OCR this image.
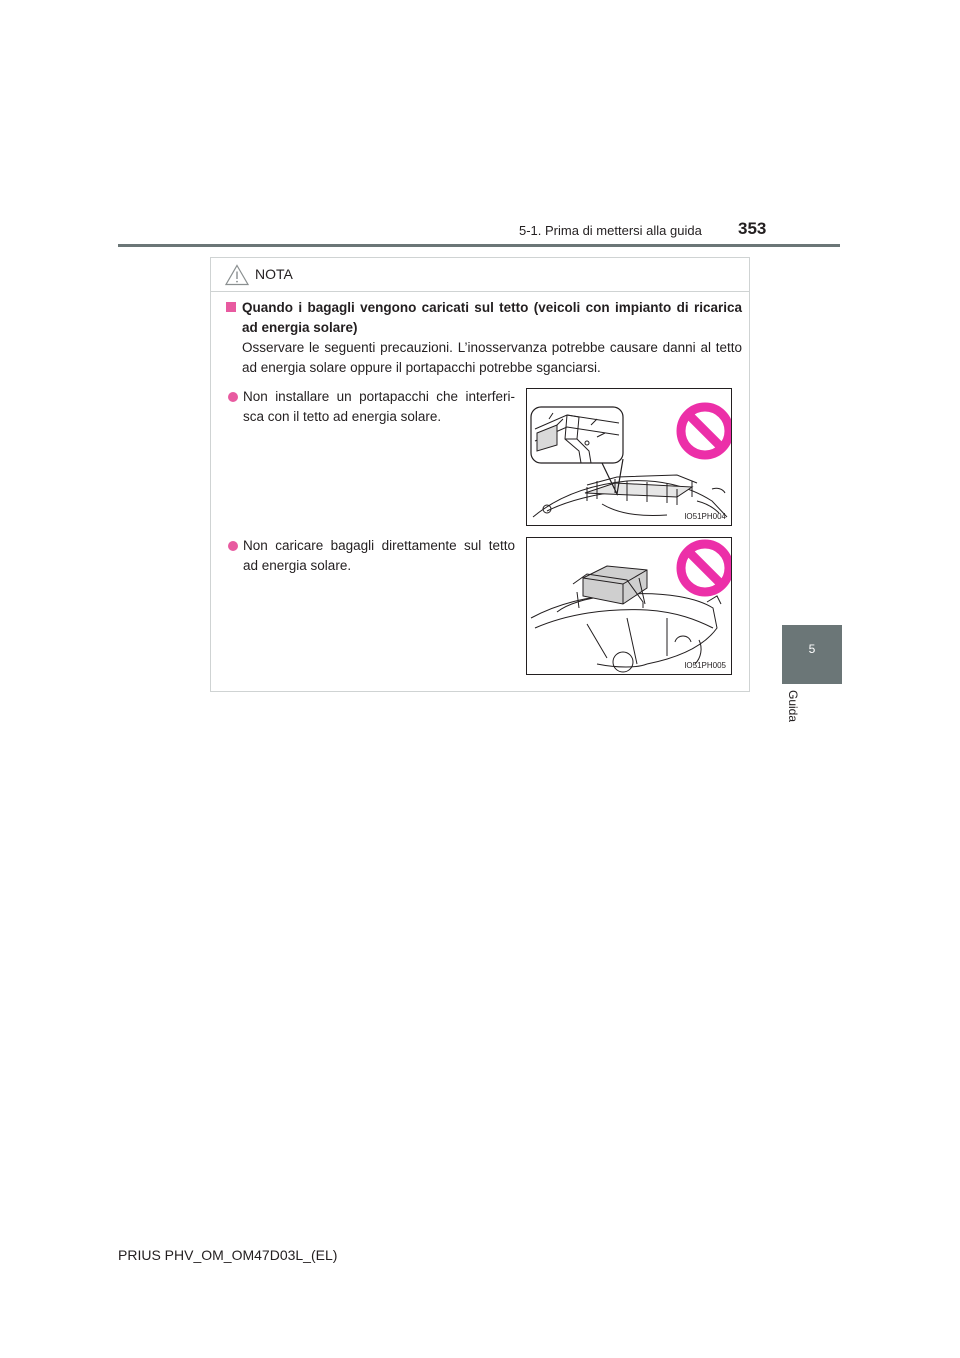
5-1. Prima di mettersi alla guida 353
5
Guida
NOTA
Quando i bagagli vengono caricati sul tetto (veicoli con impianto di ricarica ad energia solare)
Osservare le seguenti precauzioni. L’inosservanza potrebbe causare danni al tetto ad energia solare oppure il portapacchi potrebbe sganciarsi.
Non installare un portapacchi che interferi-sca con il tetto ad energia solare.
Non caricare bagagli direttamente sul tetto ad energia solare.
IO51PH004
IO51PH005
PRIUS PHV_OM_OM47D03L_(EL)
